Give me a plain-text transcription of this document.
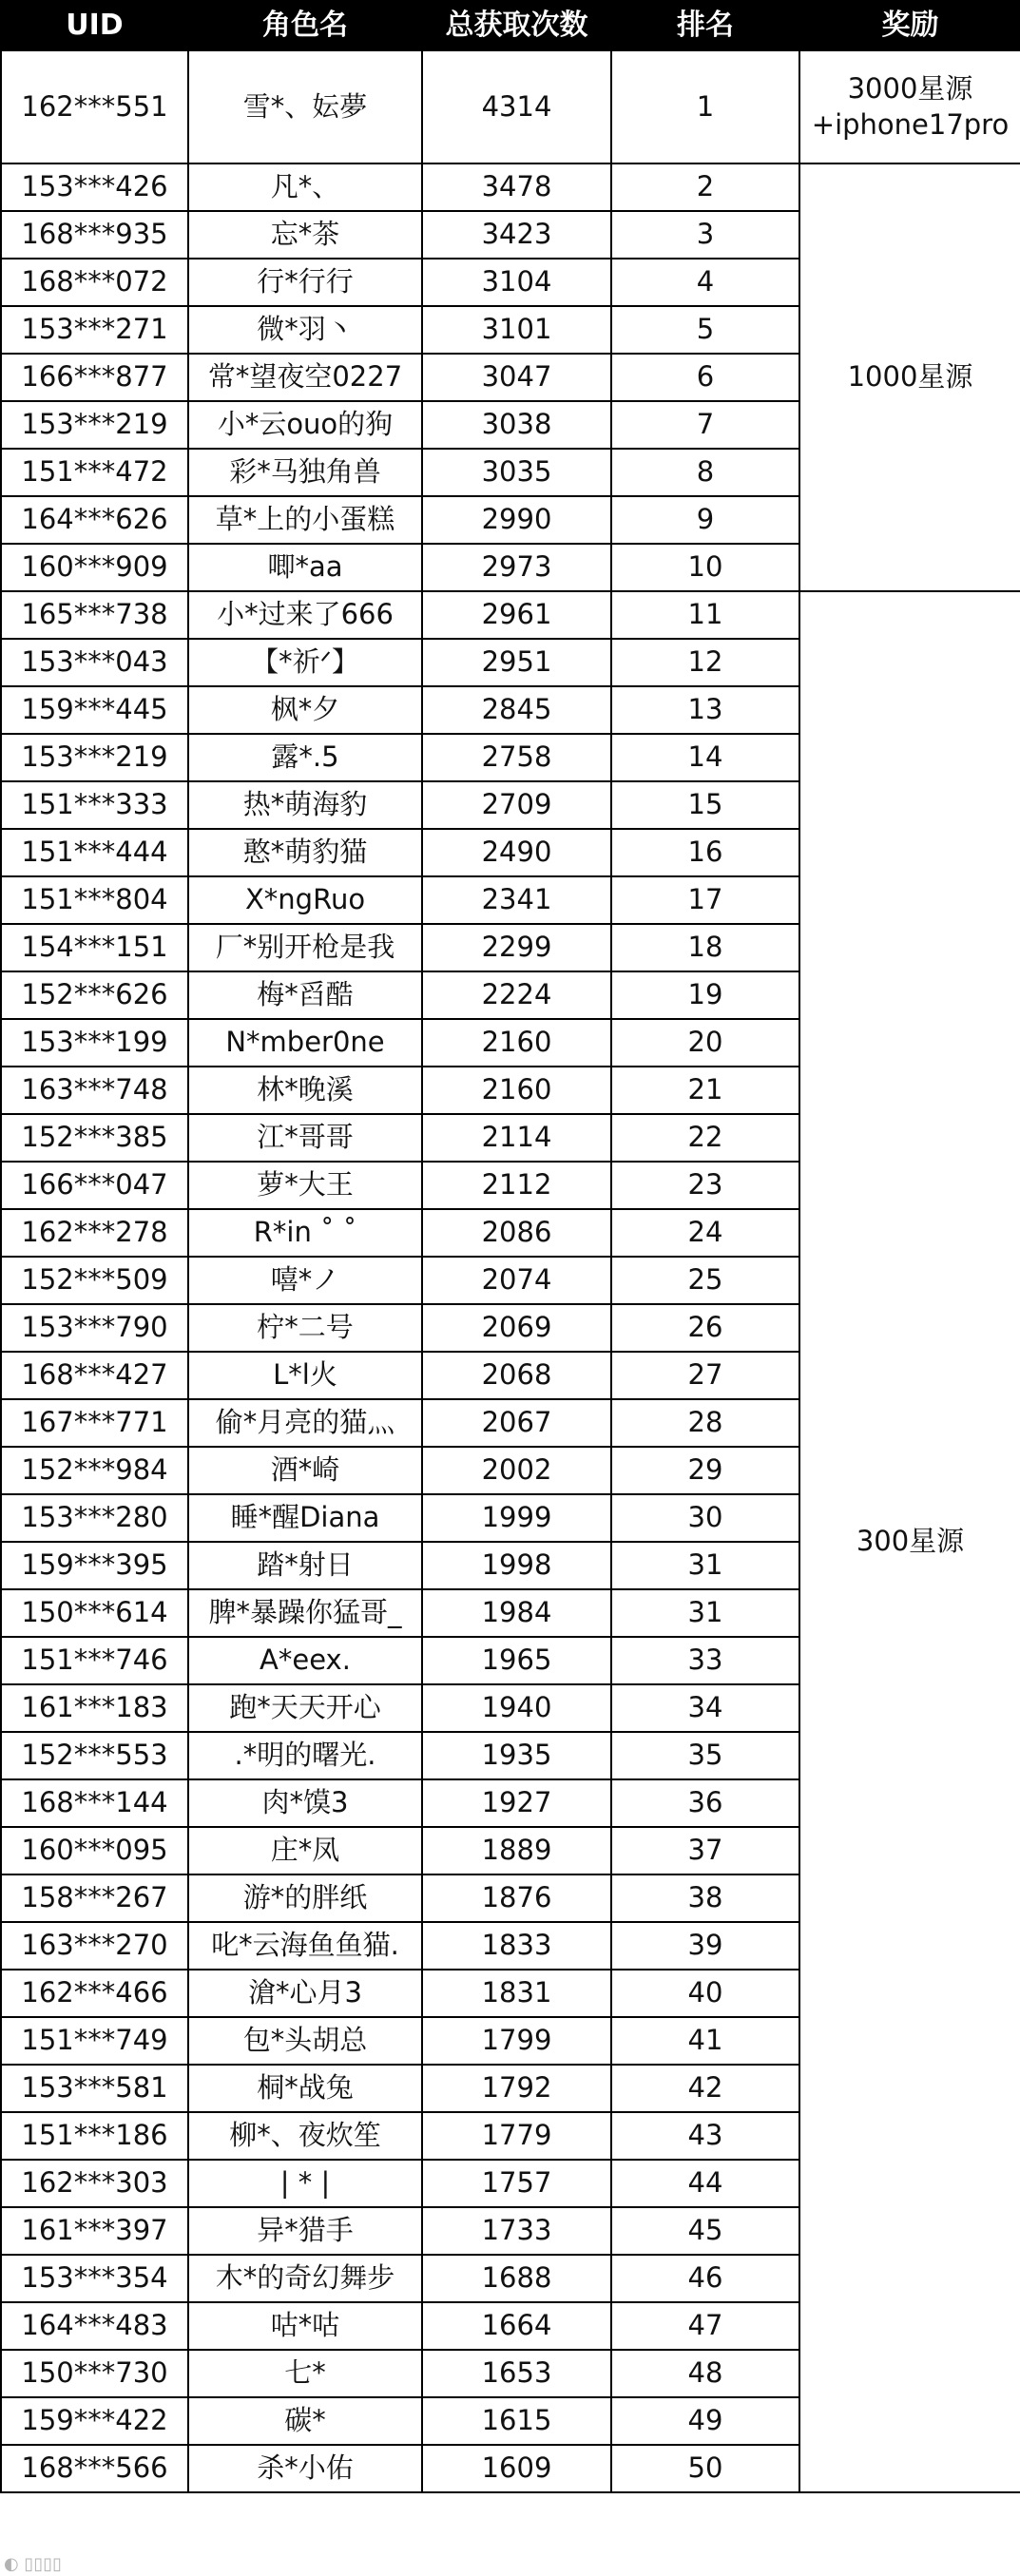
UID	角色名	总获取次数	排名	奖励
162***551	雪*、妘夢	4314	1	3000星源
+iphone17pro
153***426	凡*、	3478	2	1000星源
168***935	忘*茶	3423	3	
168***072	行*行行	3104	4	
153***271	微*羽丶	3101	5	
166***877	常*望夜空0227	3047	6	
153***219	小*云ouo的狗	3038	7	
151***472	彩*马独角兽	3035	8	
164***626	草*上的小蛋糕	2990	9	
160***909	唧*aa	2973	10	
165***738	小*过来了666	2961	11	300星源
153***043	【*祈ᐟ】	2951	12	
159***445	枫*夕	2845	13	
153***219	露*.5	2758	14	
151***333	热*萌海豹	2709	15	
151***444	憨*萌豹猫	2490	16	
151***804	X*ngRuo	2341	17	
154***151	厂*别开枪是我	2299	18	
152***626	梅*舀酷	2224	19	
153***199	N*mber0ne	2160	20	
163***748	林*晚溪	2160	21	
152***385	江*哥哥	2114	22	
166***047	萝*大王	2112	23	
162***278	R*in ˚ ˚	2086	24	
152***509	嘻*ノ	2074	25	
153***790	柠*二号	2069	26	
168***427	L*l火	2068	27	
167***771	偷*月亮的猫灬	2067	28	
152***984	酒*崎	2002	29	
153***280	睡*醒Diana	1999	30	
159***395	踏*射日	1998	31	
150***614	脾*暴躁你猛哥_	1984	31	
151***746	A*eex.	1965	33	
161***183	跑*天天开心	1940	34	
152***553	.*明的曙光.	1935	35	
168***144	肉*馍3	1927	36	
160***095	庄*凤	1889	37	
158***267	游*的胖纸	1876	38	
163***270	叱*云海鱼鱼猫.	1833	39	
162***466	滄*心月3	1831	40	
151***749	包*头胡总	1799	41	
153***581	桐*战兔	1792	42	
151***186	柳*、夜炊笙	1779	43	
162***303	| * |	1757	44	
161***397	异*猎手	1733	45	
153***354	木*的奇幻舞步	1688	46	
164***483	咕*咕	1664	47	
150***730	七*	1653	48	
159***422	碳*	1615	49	
168***566	杀*小佑	1609	50	
◐ ▯▯▯▯
